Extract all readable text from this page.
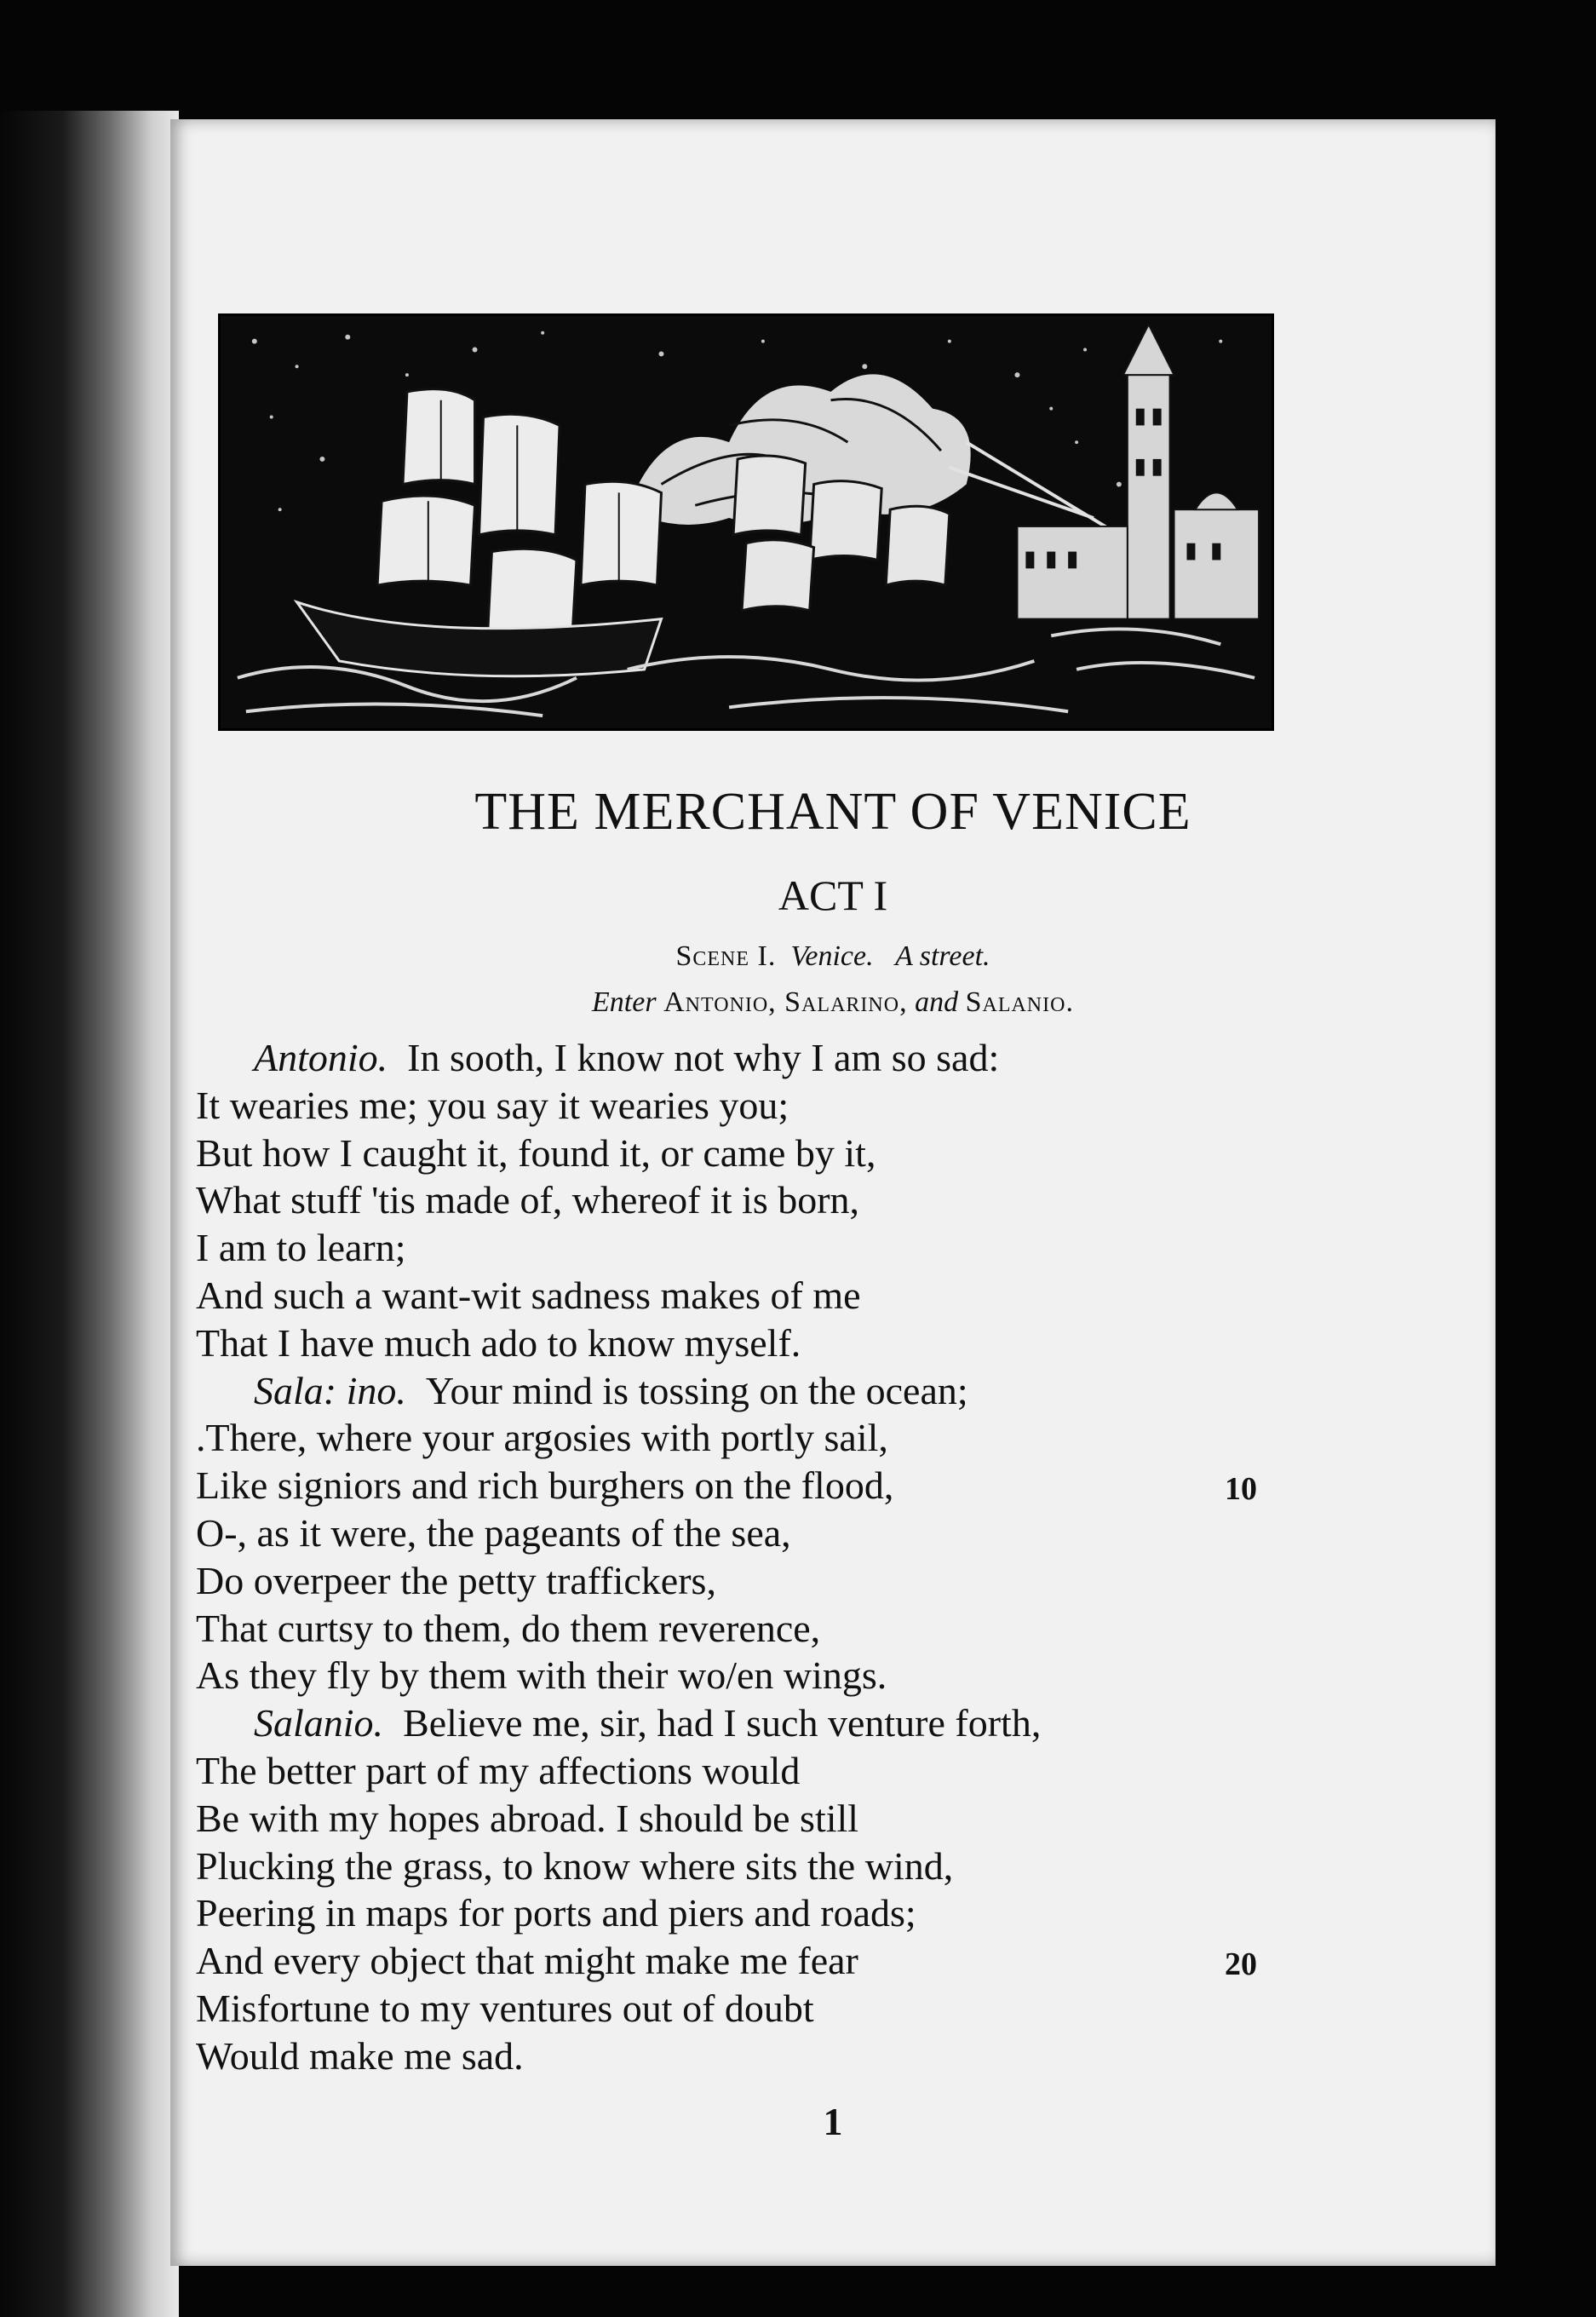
THE MERCHANT OF VENICE
ACT I
Scene I. Venice. A street.
Enter Antonio, Salarino, and Salanio.
Antonio.  In sooth, I know not why I am so sad:
It wearies me; you say it wearies you;
But how I caught it, found it, or came by it,
What stuff 'tis made of, whereof it is born,
I am to learn;
And such a want-wit sadness makes of me
That I have much ado to know myself.
Sala: ino.  Your mind is tossing on the ocean;
.There, where your argosies with portly sail,
Like signiors and rich burghers on the flood,
O-, as it were, the pageants of the sea,
Do overpeer the petty traffickers,
That curtsy to them, do them reverence,
As they fly by them with their wo/en wings.
Salanio.  Believe me, sir, had I such venture forth,
The better part of my affections would
Be with my hopes abroad. I should be still
Plucking the grass, to know where sits the wind,
Peering in maps for ports and piers and roads;
And every object that might make me fear
Misfortune to my ventures out of doubt
Would make me sad.
1
10
20
